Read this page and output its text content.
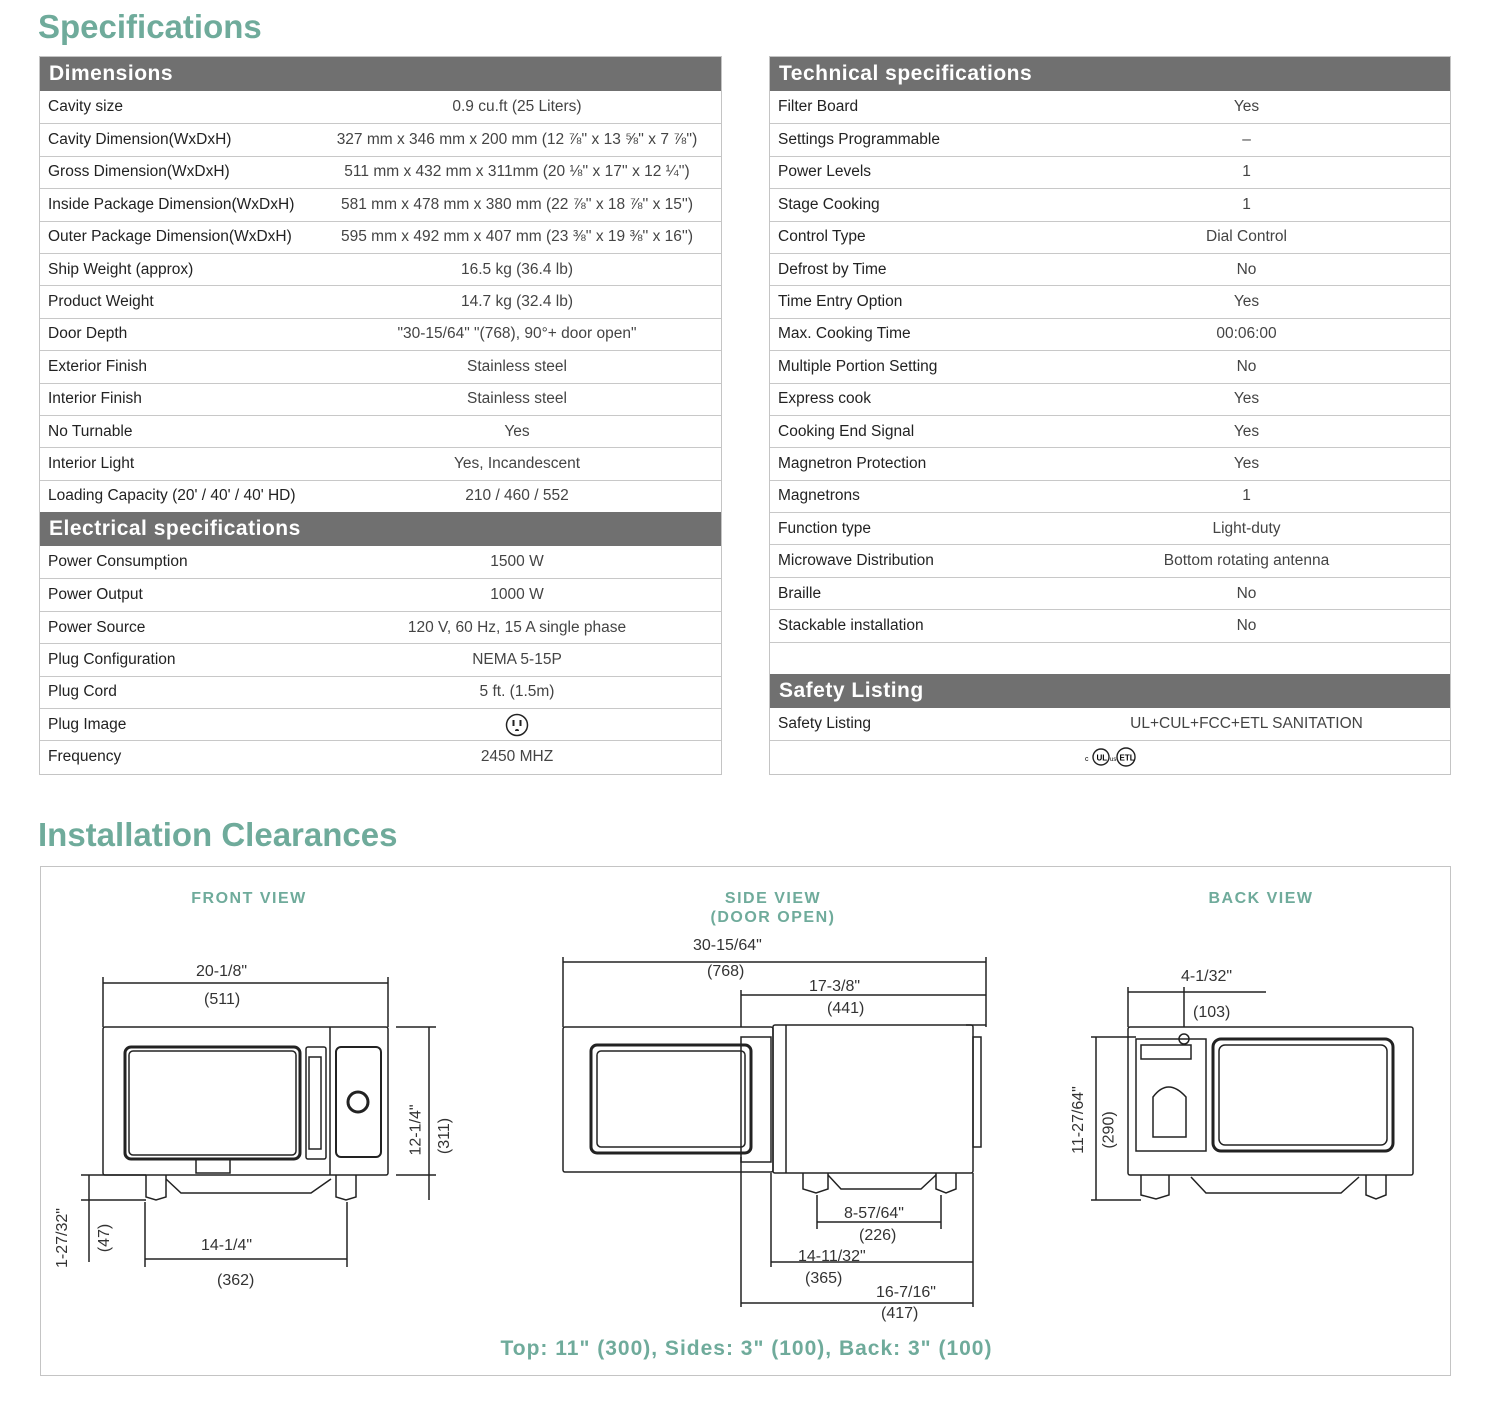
Specifications
Dimensions
Cavity size	0.9 cu.ft (25 Liters)
Cavity Dimension(WxDxH)	327 mm x 346 mm x 200 mm (12 ⅞'' x 13 ⅝'' x 7 ⅞'')
Gross Dimension(WxDxH)	511 mm x 432 mm x 311mm (20 ⅛'' x 17'' x 12 ¼'')
Inside Package Dimension(WxDxH)	581 mm x 478 mm x 380 mm (22 ⅞'' x 18 ⅞'' x 15'')
Outer Package Dimension(WxDxH)	595 mm x 492 mm x 407 mm (23 ⅜'' x 19 ⅜'' x 16'')
Ship Weight (approx)	16.5 kg (36.4 lb)
Product Weight	14.7 kg (32.4 lb)
Door Depth	"30-15/64" "(768), 90°+ door open"
Exterior Finish	Stainless steel
Interior Finish	Stainless steel
No Turnable	Yes
Interior Light	Yes, Incandescent
Loading Capacity (20' / 40' / 40' HD)	210 / 460 / 552
Electrical specifications
Power Consumption	1500 W
Power Output	1000 W
Power Source	120 V, 60 Hz, 15 A single phase
Plug Configuration	NEMA 5-15P
Plug Cord	5 ft. (1.5m)
Plug Image
Frequency	2450 MHZ
Technical specifications
Filter Board	Yes
Settings Programmable	–
Power Levels	1
Stage Cooking	1
Control Type	Dial Control
Defrost by Time	No
Time Entry Option	Yes
Max. Cooking Time	00:06:00
Multiple Portion Setting	No
Express cook	Yes
Cooking End Signal	Yes
Magnetron Protection	Yes
Magnetrons	1
Function type	Light-duty
Microwave Distribution	Bottom rotating antenna
Braille	No
Stackable installation	No
Safety Listing
Safety Listing	UL+CUL+FCC+ETL SANITATION
c UL us ETL
Installation Clearances
FRONT VIEW	SIDE VIEW
(DOOR OPEN)
BACK VIEW
20-1/8"
(511)
12-1/4" (311)
14-1/4"
(362)
1-27/32" (47)
30-15/64"
(768)
17-3/8"
(441)
8-57/64"
(226)
14-11/32"
(365)
16-7/16"
(417)
4-1/32"
(103)
11-27/64" (290)
Top: 11" (300), Sides: 3" (100), Back: 3" (100)
